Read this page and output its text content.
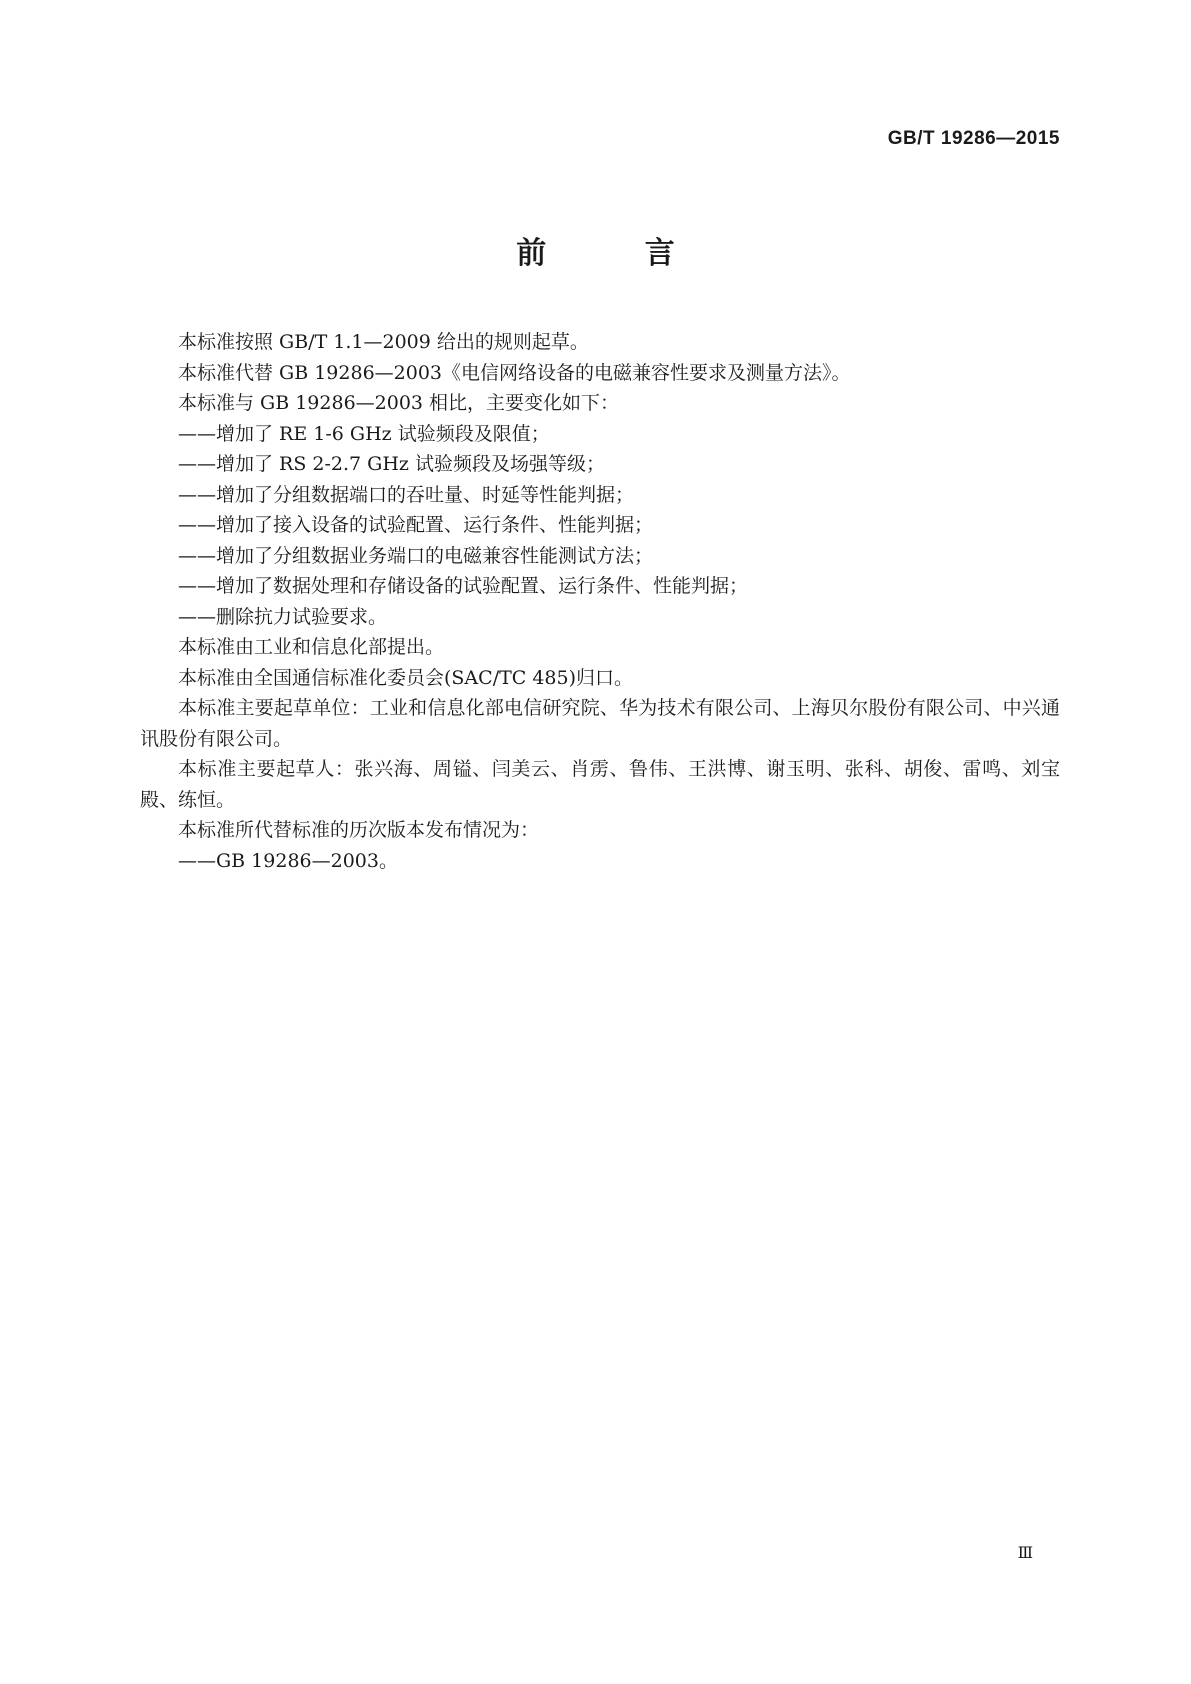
GB/T 19286—2015
前 言

本标准按照 GB/T 1.1—2009 给出的规则起草。

本标准代替 GB 19286—2003《电信网络设备的电磁兼容性要求及测量方法》。

本标准与 GB 19286—2003 相比，主要变化如下：

——增加了 RE 1-6 GHz 试验频段及限值；

——增加了 RS 2-2.7 GHz 试验频段及场强等级；

——增加了分组数据端口的吞吐量、时延等性能判据；

——增加了接入设备的试验配置、运行条件、性能判据；

——增加了分组数据业务端口的电磁兼容性能测试方法；

——增加了数据处理和存储设备的试验配置、运行条件、性能判据；

——删除抗力试验要求。

本标准由工业和信息化部提出。

本标准由全国通信标准化委员会(SAC/TC 485)归口。

本标准主要起草单位：工业和信息化部电信研究院、华为技术有限公司、上海贝尔股份有限公司、中兴通讯股份有限公司。

本标准主要起草人：张兴海、周镒、闫美云、肖雳、鲁伟、王洪博、谢玉明、张科、胡俊、雷鸣、刘宝殿、练恒。

本标准所代替标准的历次版本发布情况为：

——GB 19286—2003。

Ⅲ
